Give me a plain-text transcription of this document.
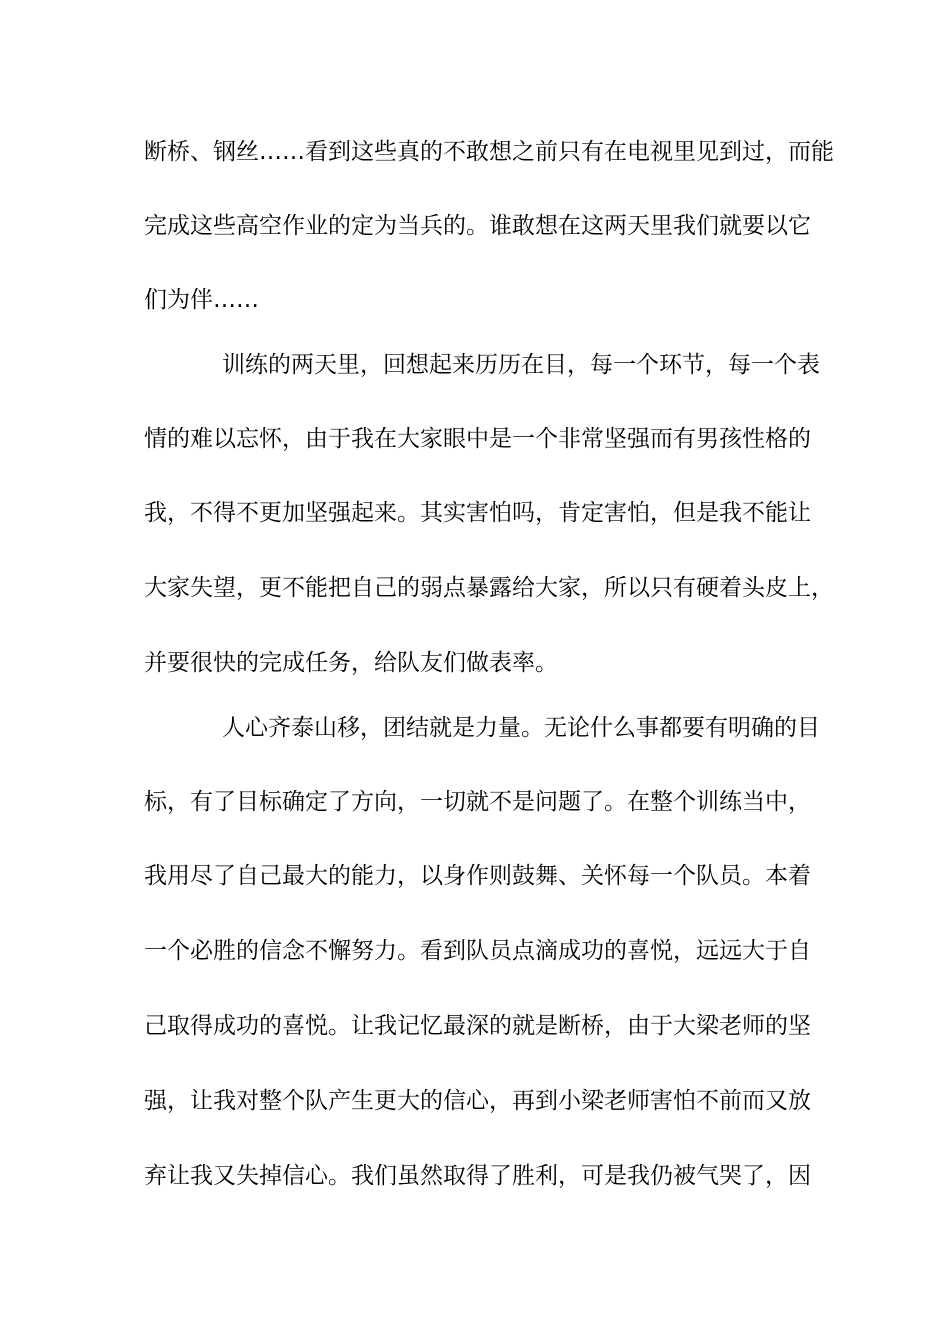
断桥、钢丝……看到这些真的不敢想之前只有在电视里见到过，而能
完成这些高空作业的定为当兵的。谁敢想在这两天里我们就要以它
们为伴……
训练的两天里，回想起来历历在目，每一个环节，每一个表
情的难以忘怀，由于我在大家眼中是一个非常坚强而有男孩性格的
我，不得不更加坚强起来。其实害怕吗，肯定害怕，但是我不能让
大家失望，更不能把自己的弱点暴露给大家，所以只有硬着头皮上，
并要很快的完成任务，给队友们做表率。
人心齐泰山移，团结就是力量。无论什么事都要有明确的目
标，有了目标确定了方向，一切就不是问题了。在整个训练当中，
我用尽了自己最大的能力，以身作则鼓舞、关怀每一个队员。本着
一个必胜的信念不懈努力。看到队员点滴成功的喜悦，远远大于自
己取得成功的喜悦。让我记忆最深的就是断桥，由于大梁老师的坚
强，让我对整个队产生更大的信心，再到小梁老师害怕不前而又放
弃让我又失掉信心。我们虽然取得了胜利，可是我仍被气哭了，因
